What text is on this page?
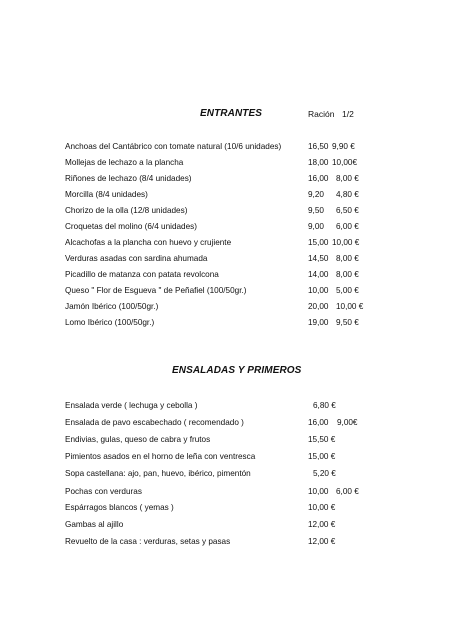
ENTRANTES	Ración 1/2
Anchoas del Cantábrico con tomate natural (10/6 unidades)	16,50 9,90 €
Mollejas de lechazo a la plancha	18,00 10,00€
Riñones de lechazo (8/4 unidades)	16,00 8,00 €
Morcilla (8/4 unidades)	9,20 4,80 €
Chorizo de la olla (12/8 unidades)	9,50 6,50 €
Croquetas del molino (6/4 unidades)	9,00 6,00 €
Alcachofas a la plancha con huevo y crujiente	15,00 10,00 €
Verduras asadas con sardina ahumada	14,50 8,00 €
Picadillo de matanza con patata revolcona	14,00 8,00 €
Queso " Flor de Esgueva " de Peñafiel (100/50gr.)	10,00 5,00 €
Jamón Ibérico (100/50gr.)	20,00 10,00 €
Lomo Ibérico (100/50gr.)	19,00 9,50 €
ENSALADAS Y PRIMEROS
Ensalada verde ( lechuga y cebolla )	6,80 €
Ensalada de pavo escabechado ( recomendado )	16,00 9,00€
Endivias, gulas, queso de cabra y frutos	15,50 €
Pimientos asados en el horno de leña con ventresca	15,00 €
Sopa castellana: ajo, pan, huevo, ibérico, pimentón	5,20 €
Pochas con verduras	10,00 6,00 €
Espárragos blancos ( yemas )	10,00 €
Gambas al ajillo	12,00 €
Revuelto de la casa : verduras, setas y pasas	12,00 €
